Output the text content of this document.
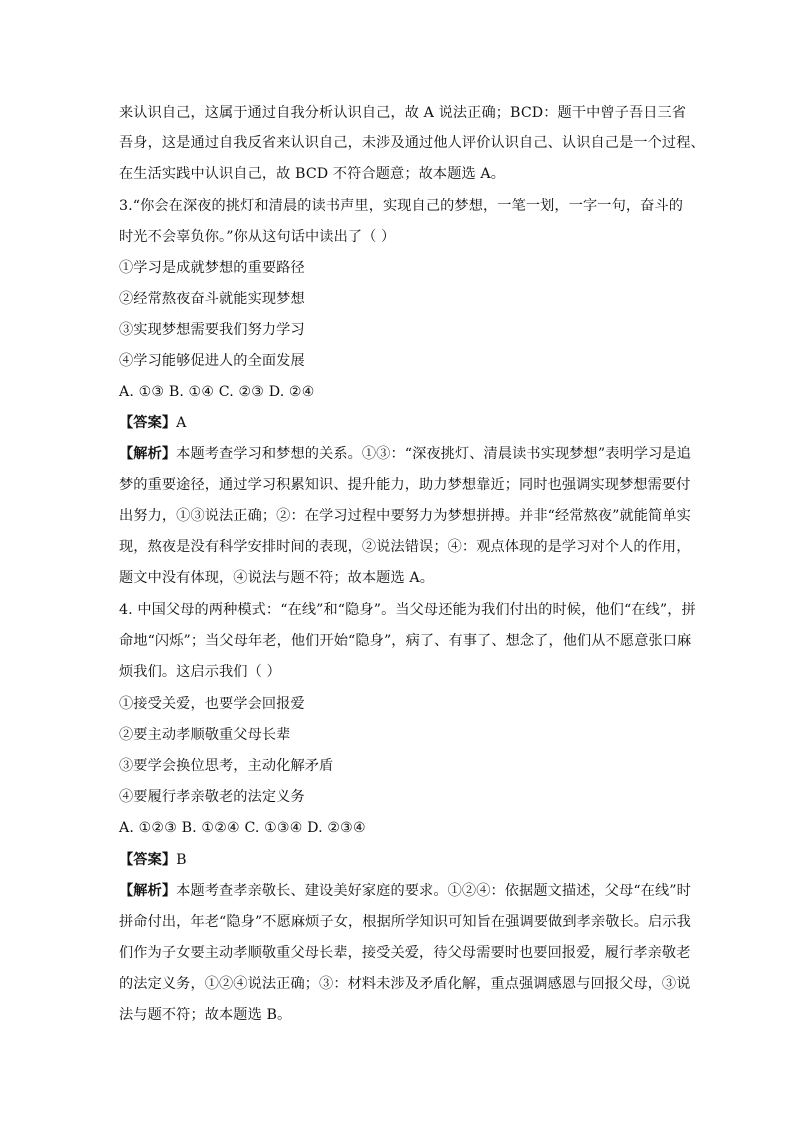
来认识自己，这属于通过自我分析认识自己，故 A 说法正确；BCD：题干中曾子吾日三省
吾身，这是通过自我反省来认识自己，未涉及通过他人评价认识自己、认识自己是一个过程、
在生活实践中认识自己，故 BCD 不符合题意；故本题选 A。
3.“你会在深夜的挑灯和清晨的读书声里，实现自己的梦想，一笔一划，一字一句，奋斗的
时光不会辜负你。”你从这句话中读出了（ ）
①学习是成就梦想的重要路径
②经常熬夜奋斗就能实现梦想
③实现梦想需要我们努力学习
④学习能够促进人的全面发展
A. ①③ B. ①④ C. ②③ D. ②④
【答案】A
【解析】本题考查学习和梦想的关系。①③：“深夜挑灯、清晨读书实现梦想”表明学习是追
梦的重要途径，通过学习积累知识、提升能力，助力梦想靠近；同时也强调实现梦想需要付
出努力，①③说法正确；②：在学习过程中要努力为梦想拼搏。并非“经常熬夜”就能简单实
现，熬夜是没有科学安排时间的表现，②说法错误；④：观点体现的是学习对个人的作用，
题文中没有体现，④说法与题不符；故本题选 A。
4. 中国父母的两种模式：“在线”和“隐身”。当父母还能为我们付出的时候，他们“在线”，拼
命地“闪烁”；当父母年老，他们开始“隐身”，病了、有事了、想念了，他们从不愿意张口麻
烦我们。这启示我们（ ）
①接受关爱，也要学会回报爱
②要主动孝顺敬重父母长辈
③要学会换位思考，主动化解矛盾
④要履行孝亲敬老的法定义务
A. ①②③ B. ①②④ C. ①③④ D. ②③④
【答案】B
【解析】本题考查孝亲敬长、建设美好家庭的要求。①②④：依据题文描述，父母“在线”时
拼命付出，年老“隐身”不愿麻烦子女，根据所学知识可知旨在强调要做到孝亲敬长。启示我
们作为子女要主动孝顺敬重父母长辈，接受关爱，待父母需要时也要回报爱，履行孝亲敬老
的法定义务，①②④说法正确；③：材料未涉及矛盾化解，重点强调感恩与回报父母，③说
法与题不符；故本题选 B。
